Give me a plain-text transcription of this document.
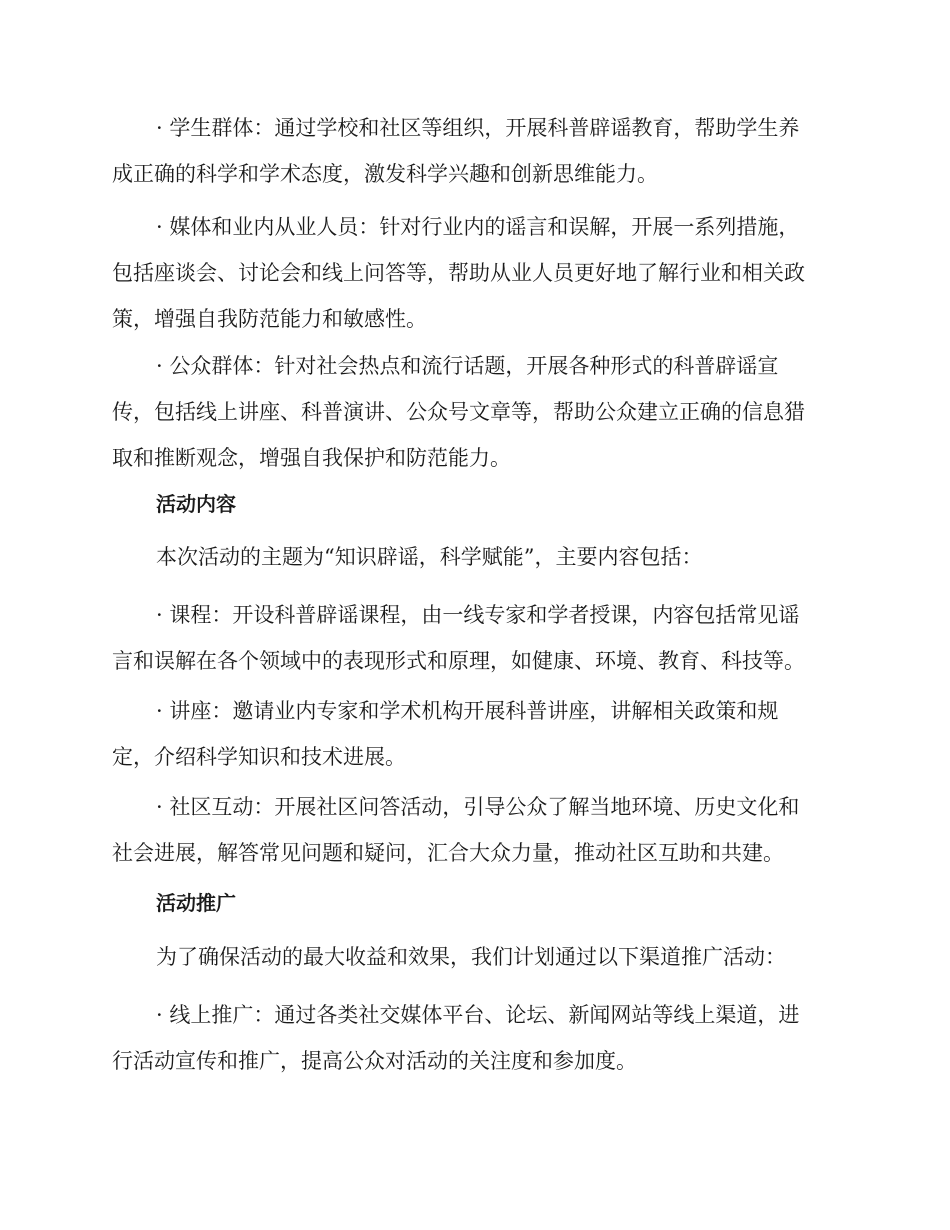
· 学生群体：通过学校和社区等组织，开展科普辟谣教育，帮助学生养
成正确的科学和学术态度，激发科学兴趣和创新思维能力。

· 媒体和业内从业人员：针对行业内的谣言和误解，开展一系列措施，
包括座谈会、讨论会和线上问答等，帮助从业人员更好地了解行业和相关政
策，增强自我防范能力和敏感性。

· 公众群体：针对社会热点和流行话题，开展各种形式的科普辟谣宣
传，包括线上讲座、科普演讲、公众号文章等，帮助公众建立正确的信息猎
取和推断观念，增强自我保护和防范能力。

活动内容

本次活动的主题为“知识辟谣，科学赋能”，主要内容包括：

· 课程：开设科普辟谣课程，由一线专家和学者授课，内容包括常见谣
言和误解在各个领域中的表现形式和原理，如健康、环境、教育、科技等。

· 讲座：邀请业内专家和学术机构开展科普讲座，讲解相关政策和规
定，介绍科学知识和技术进展。

· 社区互动：开展社区问答活动，引导公众了解当地环境、历史文化和
社会进展，解答常见问题和疑问，汇合大众力量，推动社区互助和共建。

活动推广

为了确保活动的最大收益和效果，我们计划通过以下渠道推广活动：

· 线上推广：通过各类社交媒体平台、论坛、新闻网站等线上渠道，进
行活动宣传和推广，提高公众对活动的关注度和参加度。
